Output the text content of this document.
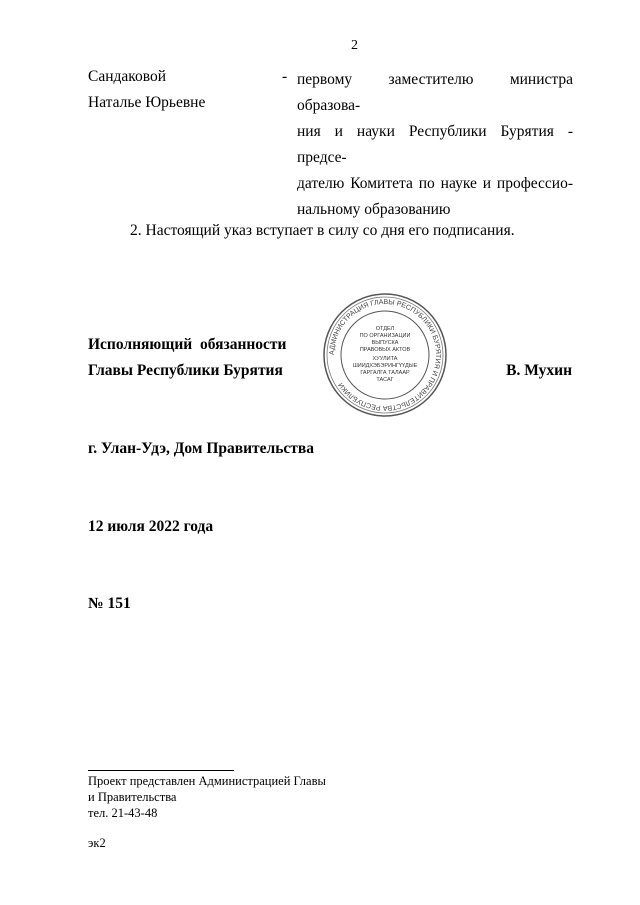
2
Сандаковой
Наталье Юрьевне
- первому заместителю министра образова-
ния и науки Республики Бурятия - предсе-
дателю Комитета по науке и профессио-
нальному образованию
2. Настоящий указ вступает в силу со дня его подписания.
Исполняющий  обязанности
Главы Республики Бурятия	В. Мухин
АДМИНИСТРАЦИЯ ГЛАВЫ РЕСПУБЛИКИ БУРЯТИЯ И ПРАВИТЕЛЬСТВА РЕСПУБЛИКИ
ОТДЕЛ
ПО ОРГАНИЗАЦИИ
ВЫПУСКА
ПРАВОВЫХ АКТОВ
ХУУЛИТА
ШИИДХЭБЭРИНГҮҮДЫЕ
ГАРГАЛГА ТАЛААР
ТАСАГ
г. Улан-Удэ, Дом Правительства
12 июля 2022 года
№ 151
Проект представлен Администрацией Главы
и Правительства
тел. 21-43-48
эк2
